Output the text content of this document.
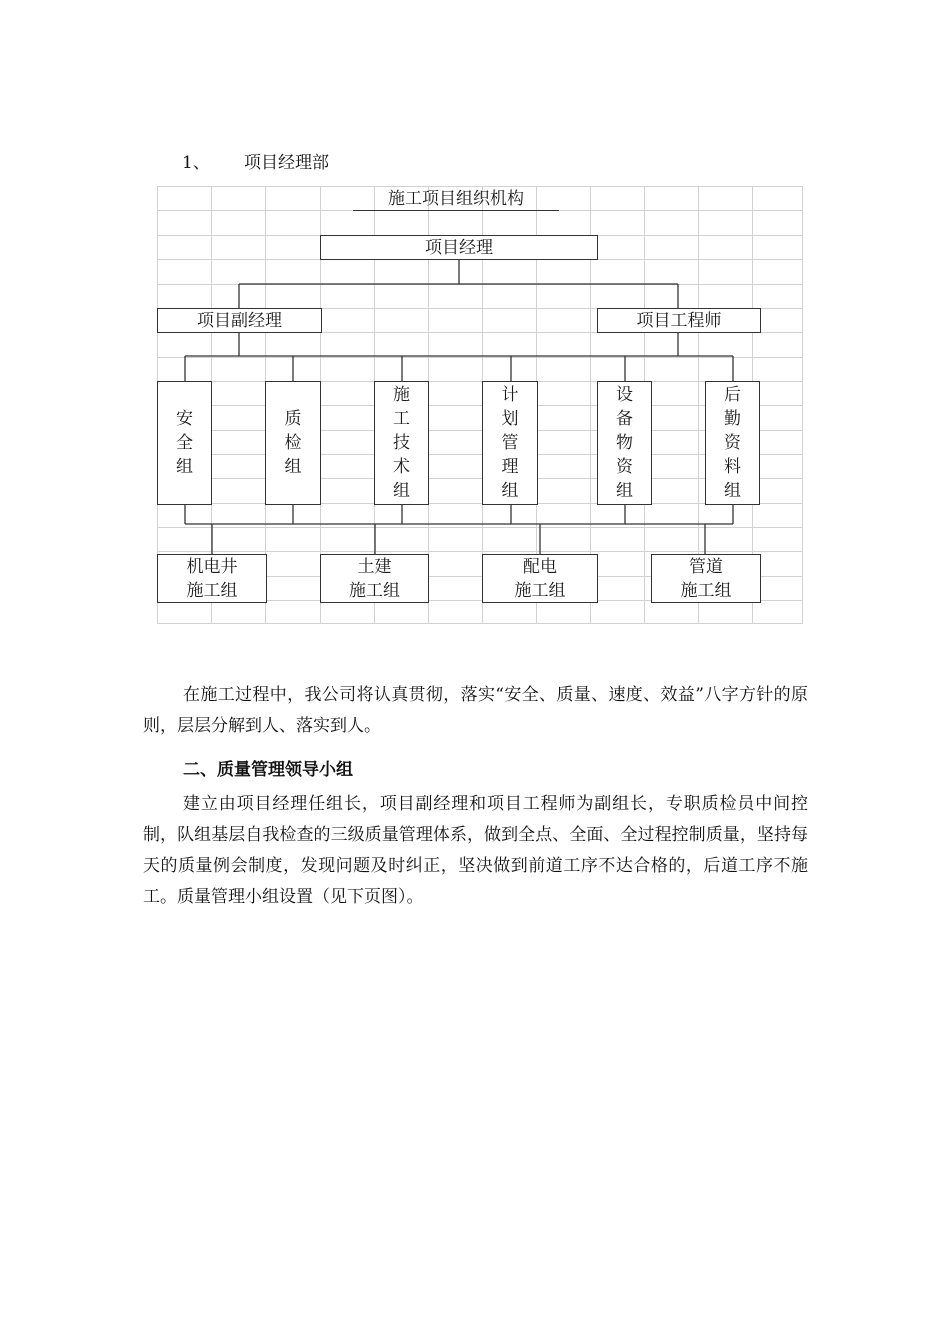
1、 项目经理部
施工项目组织机构
项目经理
项目副经理	项目工程师
安全组
质检组
施工技术组
计划管理组
设备物资组
后勤资料组
机电井
施工组
土建
施工组
配电
施工组
管道
施工组

在施工过程中，我公司将认真贯彻，落实“安全、质量、速度、效益”八字方针的原则，层层分解到人、落实到人。

二、质量管理领导小组

建立由项目经理任组长，项目副经理和项目工程师为副组长，专职质检员中间控制，队组基层自我检查的三级质量管理体系，做到全点、全面、全过程控制质量，坚持每天的质量例会制度，发现问题及时纠正，坚决做到前道工序不达合格的，后道工序不施工。质量管理小组设置（见下页图）。
